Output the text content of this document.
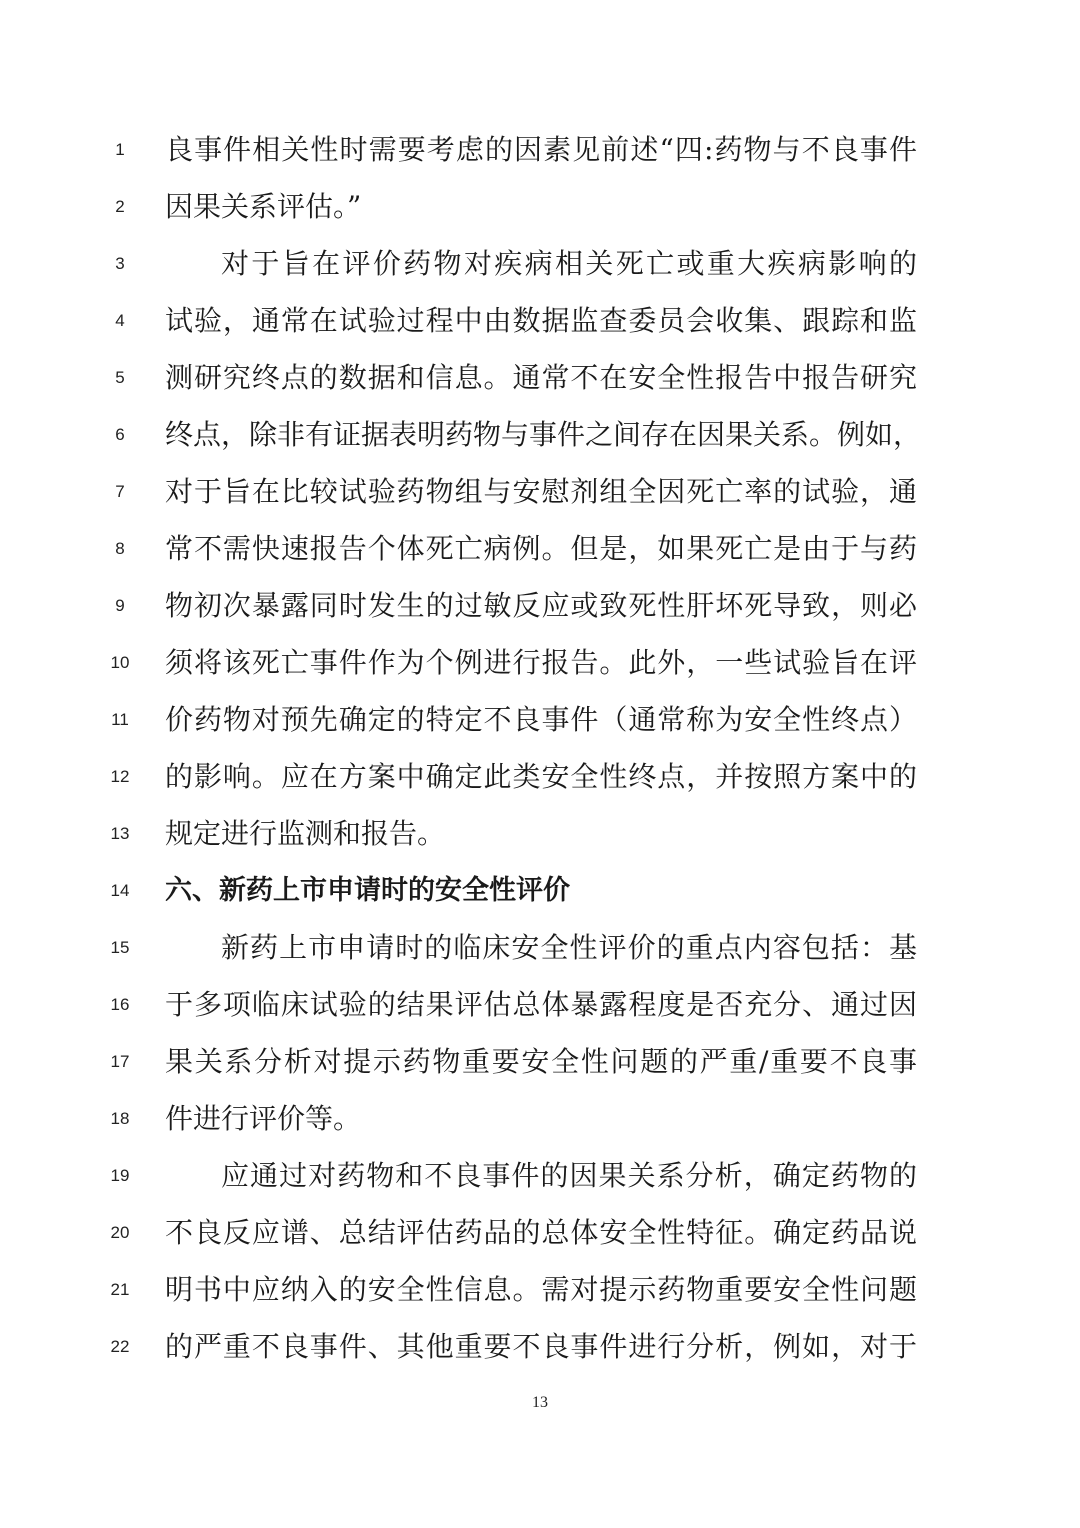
1	良事件相关性时需要考虑的因素见前述“四:药物与不良事件
2	因果关系评估。”
3	对于旨在评价药物对疾病相关死亡或重大疾病影响的
4	试验，通常在试验过程中由数据监查委员会收集、跟踪和监
5	测研究终点的数据和信息。通常不在安全性报告中报告研究
6	终点，除非有证据表明药物与事件之间存在因果关系。例如，
7	对于旨在比较试验药物组与安慰剂组全因死亡率的试验，通
8	常不需快速报告个体死亡病例。但是，如果死亡是由于与药
9	物初次暴露同时发生的过敏反应或致死性肝坏死导致，则必
10	须将该死亡事件作为个例进行报告。此外，一些试验旨在评
11	价药物对预先确定的特定不良事件（通常称为安全性终点）
12	的影响。应在方案中确定此类安全性终点，并按照方案中的
13	规定进行监测和报告。
14	六、新药上市申请时的安全性评价
15	新药上市申请时的临床安全性评价的重点内容包括：基
16	于多项临床试验的结果评估总体暴露程度是否充分、通过因
17	果关系分析对提示药物重要安全性问题的严重/重要不良事
18	件进行评价等。
19	应通过对药物和不良事件的因果关系分析，确定药物的
20	不良反应谱、总结评估药品的总体安全性特征。确定药品说
21	明书中应纳入的安全性信息。需对提示药物重要安全性问题
22	的严重不良事件、其他重要不良事件进行分析，例如，对于
13
